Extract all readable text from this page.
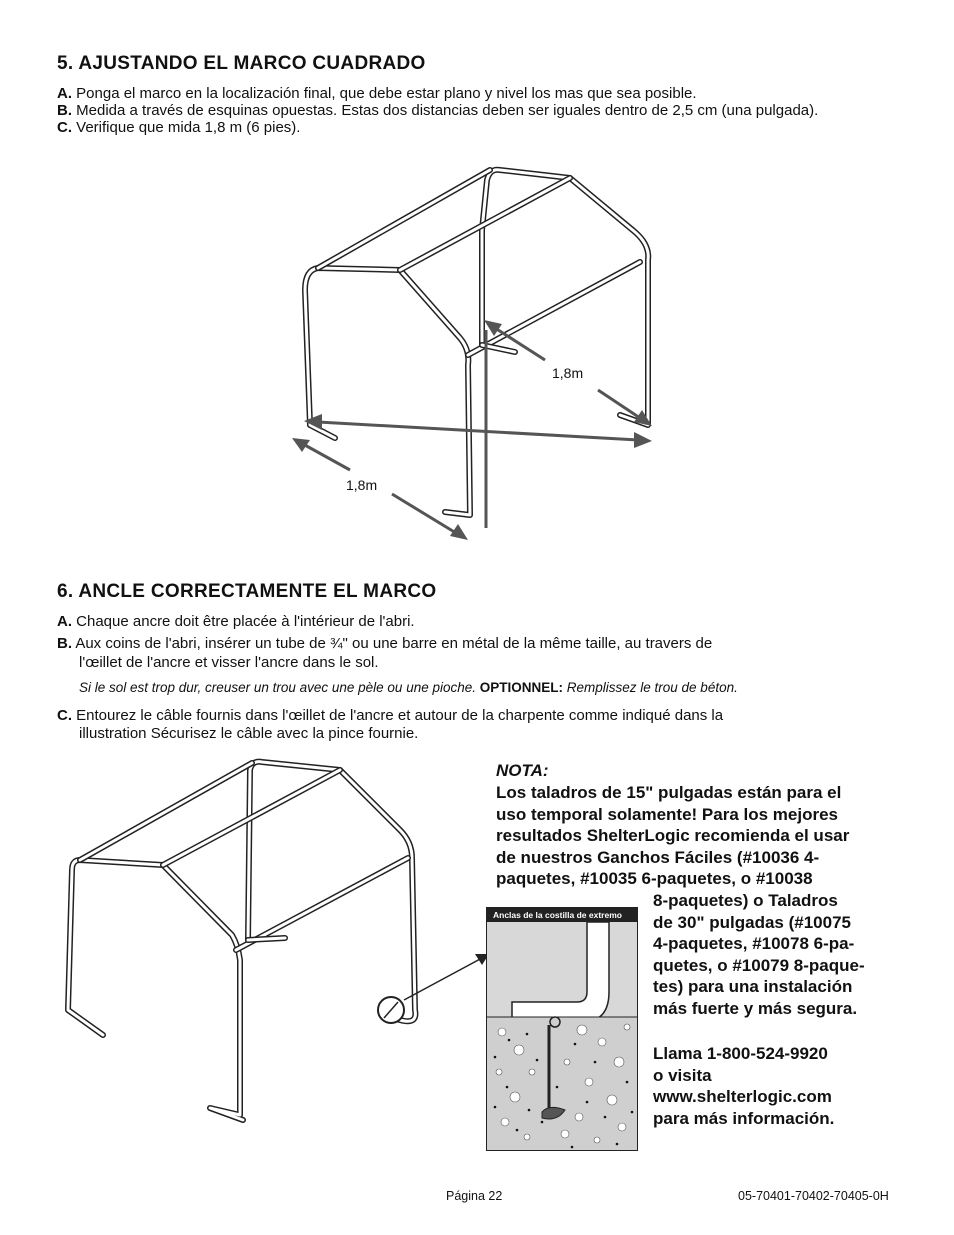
5. AJUSTANDO EL MARCO CUADRADO
A. Ponga el marco en la localización final, que debe estar plano y nivel los mas que sea posible.
B. Medida a través de esquinas opuestas. Estas dos distancias deben ser iguales dentro de 2,5 cm (una pulgada).
C. Verifique que mida 1,8 m (6 pies).
1,8m
1,8m
6. ANCLE CORRECTAMENTE EL MARCO
A. Chaque ancre doit être placée à l'intérieur de l'abri.
B. Aux coins de l'abri, insérer un tube de ¾" ou une barre en métal de la même taille, au travers de
l'œillet de l'ancre et visser l'ancre dans le sol.
Si le sol est trop dur, creuser un trou avec une pèle ou une pioche. OPTIONNEL: Remplissez le trou de béton.
C. Entourez le câble fournis dans l'œillet de l'ancre et autour de la charpente comme indiqué dans la
illustration Sécurisez le câble avec la pince fournie.
Anclas de la costilla de extremo
NOTA:
Los taladros de 15" pulgadas están para el
uso temporal solamente! Para los mejores
resultados ShelterLogic recomienda el usar
de nuestros Ganchos Fáciles (#10036 4-
paquetes, #10035 6-paquetes, o #10038
8-paquetes) o Taladros
de 30" pulgadas (#10075
4-paquetes, #10078 6-pa-
quetes, o #10079 8-paque-
tes) para una instalación
más fuerte y más segura.
Llama 1-800-524-9920
o visita
www.shelterlogic.com
para más información.
Página 22	05-70401-70402-70405-0H
